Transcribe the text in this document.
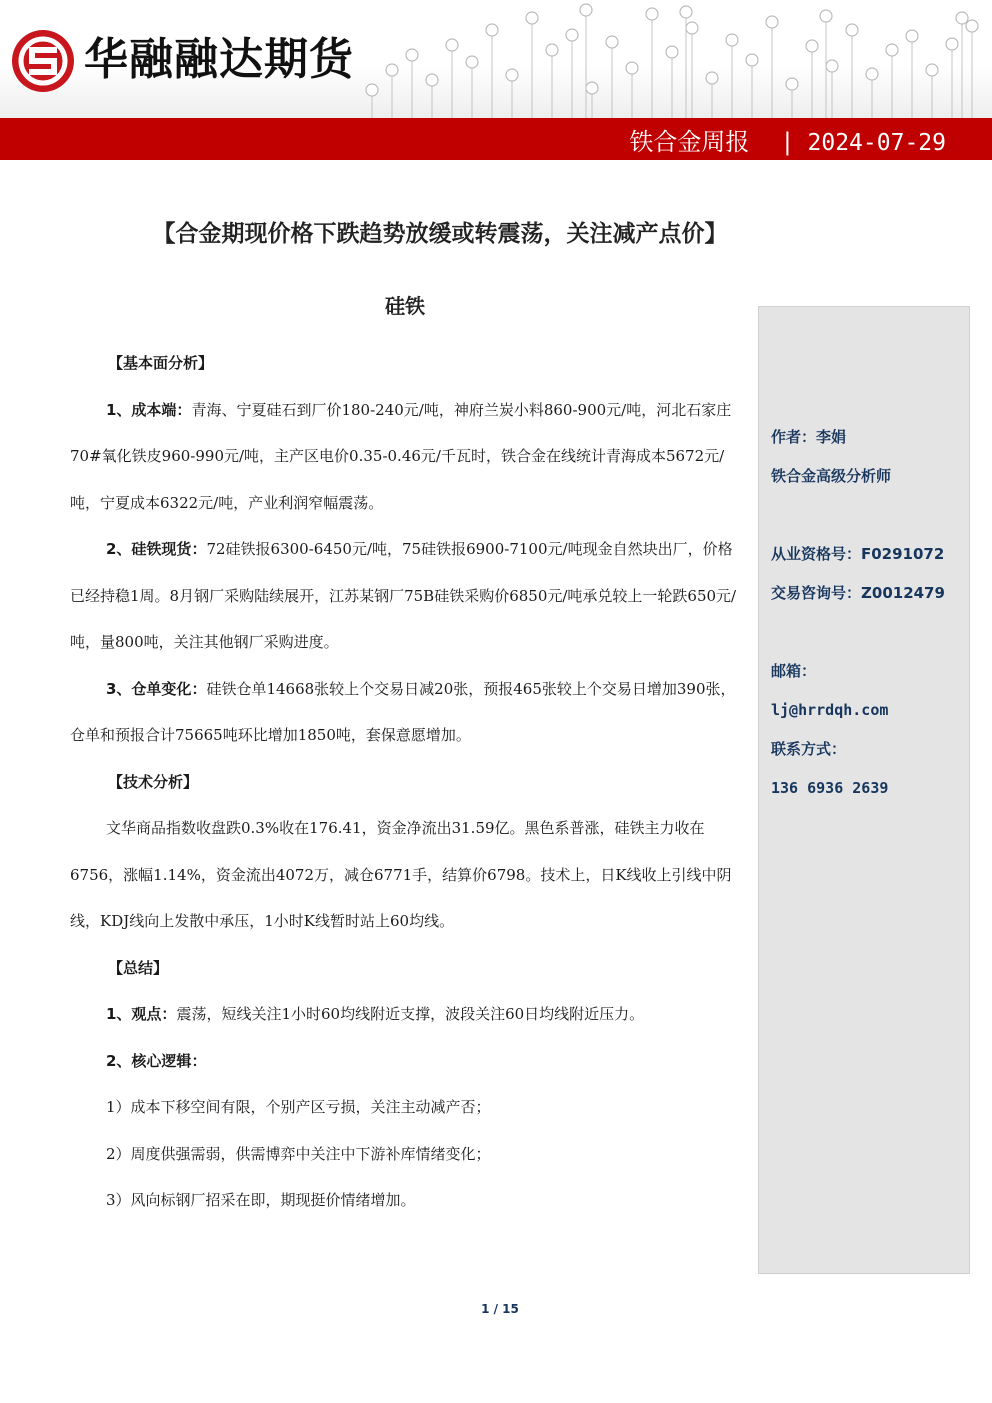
华融融达期货
铁合金周报 | 2024-07-29
【合金期现价格下跌趋势放缓或转震荡，关注减产点价】
硅铁

【基本面分析】

1、成本端：青海、宁夏硅石到厂价180-240元/吨，神府兰炭小料860-900元/吨，河北石家庄70#氧化铁皮960-990元/吨，主产区电价0.35-0.46元/千瓦时，铁合金在线统计青海成本5672元/吨，宁夏成本6322元/吨，产业利润窄幅震荡。

2、硅铁现货：72硅铁报6300-6450元/吨，75硅铁报6900-7100元/吨现金自然块出厂，价格已经持稳1周。8月钢厂采购陆续展开，江苏某钢厂75B硅铁采购价6850元/吨承兑较上一轮跌650元/吨，量800吨，关注其他钢厂采购进度。

3、仓单变化：硅铁仓单14668张较上个交易日减20张，预报465张较上个交易日增加390张，仓单和预报合计75665吨环比增加1850吨，套保意愿增加。

【技术分析】

文华商品指数收盘跌0.3%收在176.41，资金净流出31.59亿。黑色系普涨，硅铁主力收在6756，涨幅1.14%，资金流出4072万，减仓6771手，结算价6798。技术上，日K线收上引线中阴线，KDJ线向上发散中承压，1小时K线暂时站上60均线。

【总结】

1、观点：震荡，短线关注1小时60均线附近支撑，波段关注60日均线附近压力。

2、核心逻辑：

1）成本下移空间有限，个别产区亏损，关注主动减产否；

2）周度供强需弱，供需博弈中关注中下游补库情绪变化；

3）风向标钢厂招采在即，期现挺价情绪增加。

作者：李娟
铁合金高级分析师
从业资格号：F0291072
交易咨询号：Z0012479
邮箱：
lj@hrrdqh.com
联系方式：
136 6936 2639
1 / 15
